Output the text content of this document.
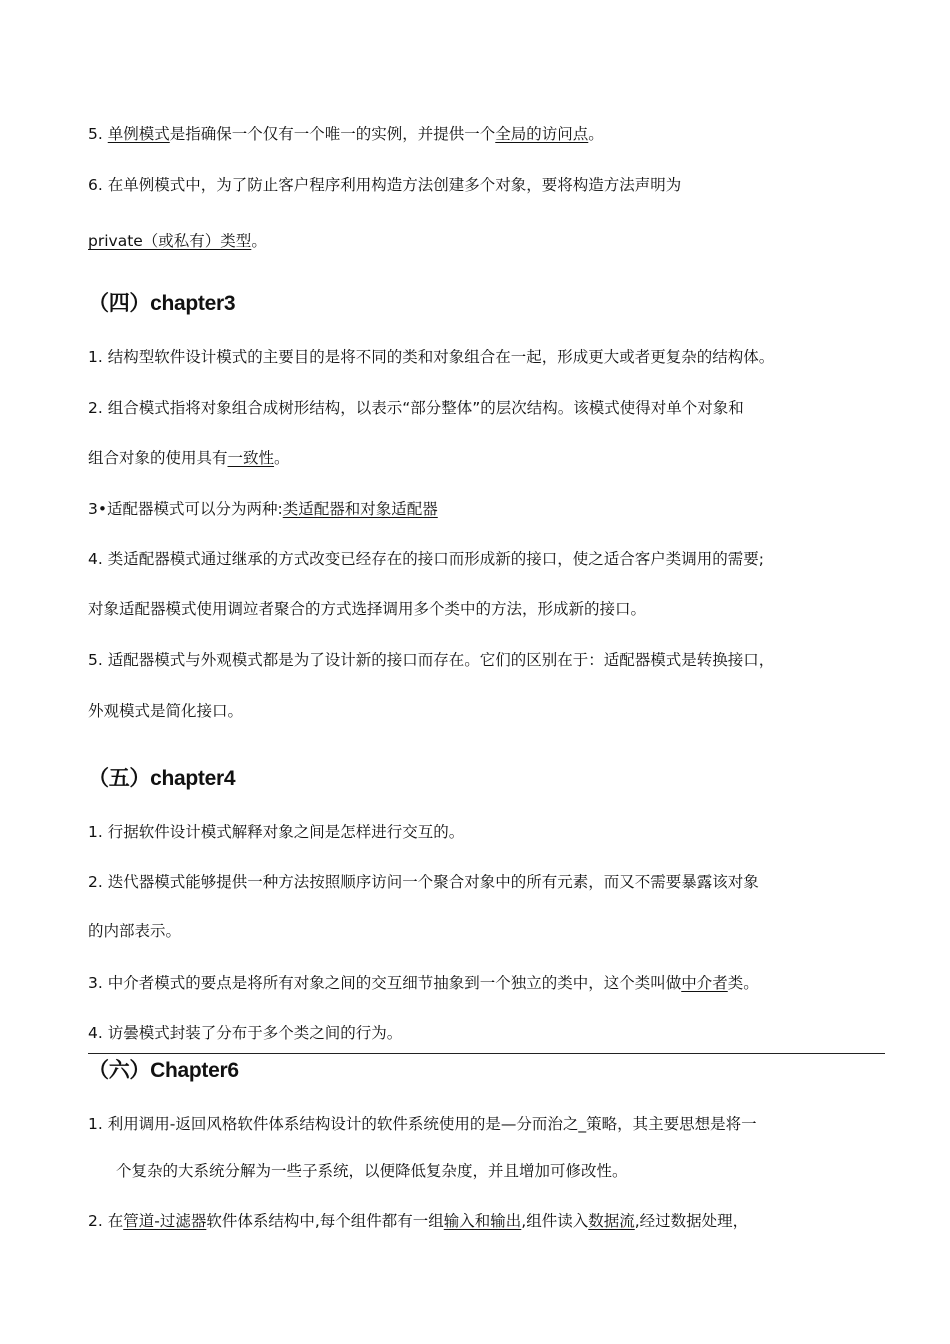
5. 单例模式是指确保一个仅有一个唯一的实例，并提供一个全局的访问点。
6. 在单例模式中，为了防止客户程序利用构造方法创建多个对象，要将构造方法声明为
private（或私有）类型。
（四）chapter3
1. 结构型软件设计模式的主要目的是将不同的类和对象组合在一起，形成更大或者更复杂的结构体。
2. 组合模式指将对象组合成树形结构，以表示“部分整体”的层次结构。该模式使得对单个对象和
组合对象的使用具有一致性。
3•适配器模式可以分为两种:类适配器和对象适配器
4. 类适配器模式通过继承的方式改变已经存在的接口而形成新的接口，使之适合客户类调用的需要;
对象适配器模式使用调竝者聚合的方式选择调用多个类中的方法，形成新的接口。
5. 适配器模式与外观模式都是为了设计新的接口而存在。它们的区别在于：适配器模式是转换接口，
外观模式是简化接口。
（五）chapter4
1. 行据软件设计模式解释对象之间是怎样进行交互的。
2. 迭代器模式能够提供一种方法按照顺序访问一个聚合对象中的所有元素，而又不需要暴露该对象
的内部表示。
3. 中介者模式的要点是将所有对象之间的交互细节抽象到一个独立的类中，这个类叫做中介者类。
4. 访曇模式封装了分布于多个类之间的行为。
（六）Chapter6
1. 利用调用-返回风格软件体系结构设计的软件系统使用的是—分而治之_策略，其主要思想是将一
个复杂的大系统分解为一些子系统，以便降低复杂度，并且增加可修改性。
2. 在管道-过滤器软件体系结构中,每个组件都有一组输入和输出,组件读入数据流,经过数据处理，
